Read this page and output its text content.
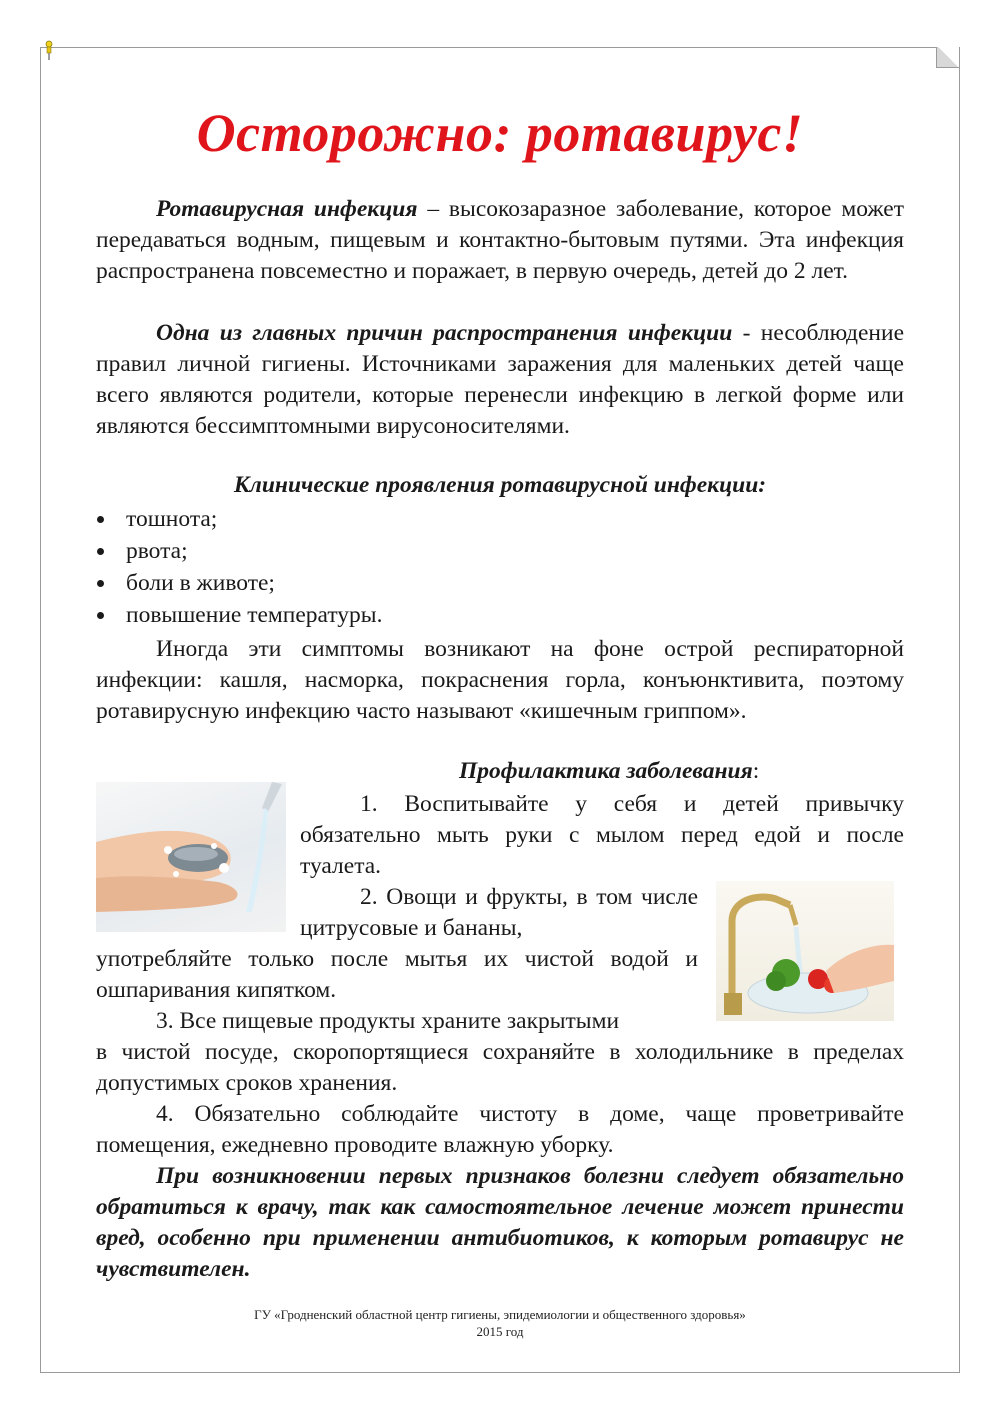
Осторожно: ротавирус!

Ротавирусная инфекция – высокозаразное заболевание, которое может передаваться водным, пищевым и контактно-бытовым путями. Эта инфекция распространена повсеместно и поражает, в первую очередь, детей до 2 лет.

Одна из главных причин распространения инфекции - несоблюдение правил личной гигиены. Источниками заражения для маленьких детей чаще всего являются родители, которые перенесли инфекцию в легкой форме или являются бессимптомными вирусоносителями.

Клинические проявления ротавирусной инфекции:
тошнота;
рвота;
боли в животе;
повышение температуры.

Иногда эти симптомы возникают на фоне острой респираторной инфекции: кашля, насморка, покраснения горла, конъюнктивита, поэтому ротавирусную инфекцию часто называют «кишечным гриппом».

Профилактика заболевания:

1. Воспитывайте у себя и детей привычку обязательно мыть руки с мылом перед едой и после туалета.

2. Овощи и фрукты, в том числе цитрусовые и бананы,

употребляйте только после мытья их чистой водой и ошпаривания кипятком.

3. Все пищевые продукты храните закрытыми

в чистой посуде, скоропортящиеся сохраняйте в холодильнике в пределах допустимых сроков хранения.

4. Обязательно соблюдайте чистоту в доме, чаще проветривайте помещения, ежедневно проводите влажную уборку.

При возникновении первых признаков болезни следует обязательно обратиться к врачу, так как самостоятельное лечение может принести вред, особенно при применении антибиотиков, к которым ротавирус не чувствителен.

ГУ «Гродненский областной центр гигиены, эпидемиологии и общественного здоровья»
2015 год
